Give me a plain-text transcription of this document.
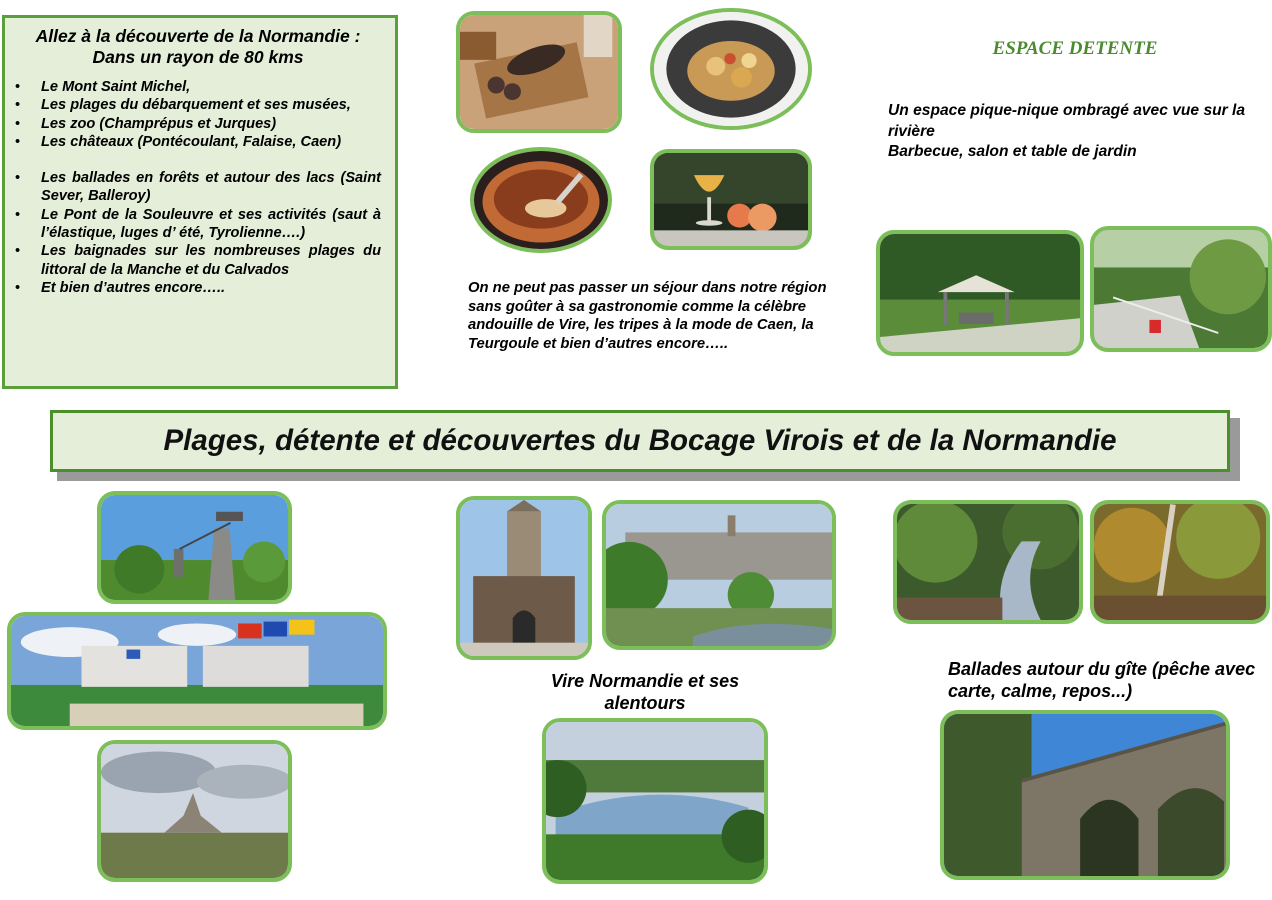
Allez à la découverte de la Normandie :
Dans un rayon de 80 kms
• Le Mont Saint Michel,
• Les plages du débarquement et ses musées,
• Les zoo (Champrépus et Jurques)
• Les châteaux (Pontécoulant, Falaise, Caen)
• Les ballades en forêts et autour des lacs (Saint Sever, Balleroy)
• Le Pont de la Souleuvre et ses activités (saut à l’élastique, luges d’ été, Tyrolienne….)
• Les baignades sur les nombreuses plages du littoral de la Manche et du Calvados
• Et bien d’autres encore…..	On ne peut pas passer un séjour dans notre région sans goûter à sa gastronomie comme la célèbre andouille de Vire, les tripes à la mode de Caen, la Teurgoule et bien d’autres encore…..
ESPACE DETENTE
Un espace pique-nique ombragé avec vue sur la rivière
Barbecue, salon et table de jardin
Plages, détente et découvertes du Bocage Virois et de la Normandie
Vire Normandie et ses alentours
Ballades autour du gîte (pêche avec carte, calme, repos...)
